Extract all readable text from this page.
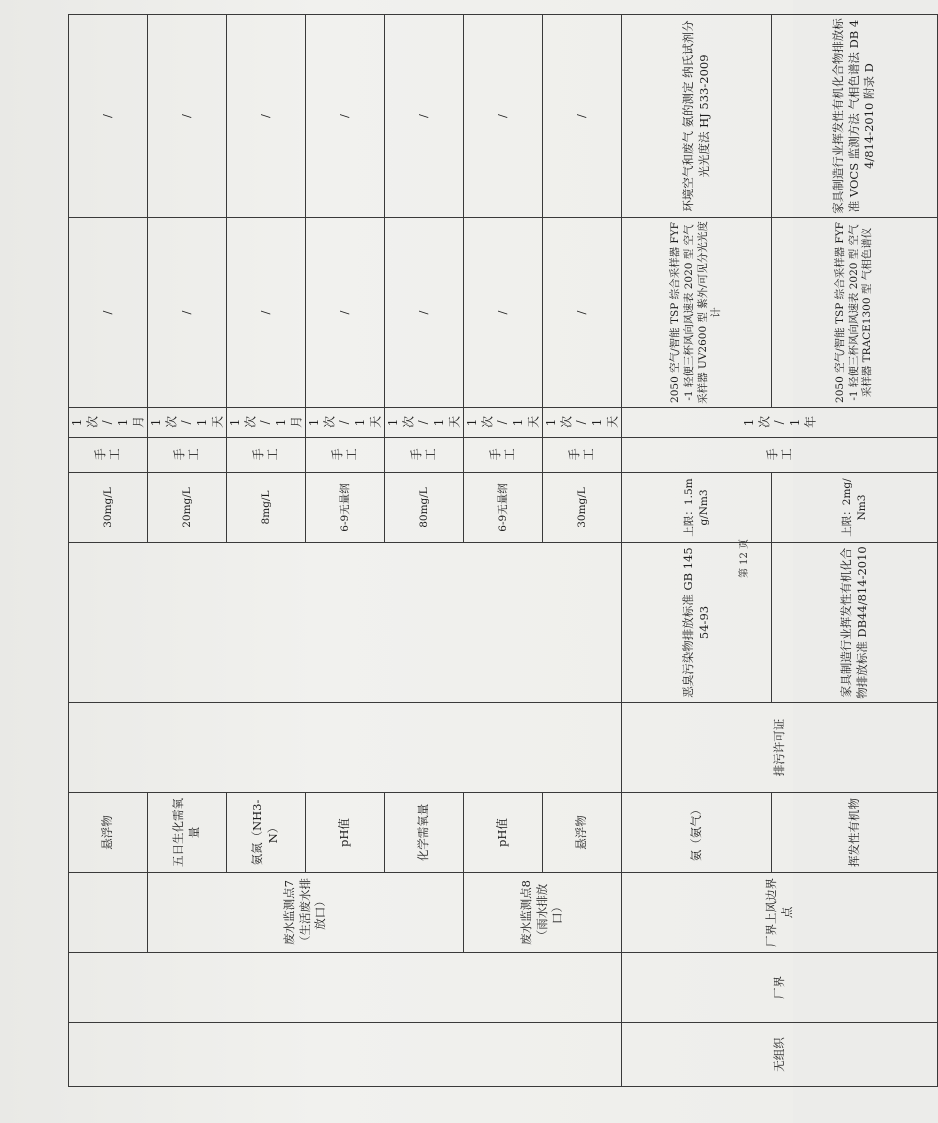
			悬浮物			30mg/L	手工	1次/1月	/	/
		废水监测点7（生活废水排放口）	五日生化需氧量			20mg/L	手工	1次/1天	/	/
			氨氮（NH3-N）			8mg/L	手工	1次/1月	/	/
			pH值			6-9无量纲	手工	1次/1天	/	/
			化学需氧量			80mg/L	手工	1次/1天	/	/
		废水监测点8（雨水排放口）	pH值			6-9无量纲	手工	1次/1天	/	/
			悬浮物			30mg/L	手工	1次/1天	/	/
无组织	厂界	厂界上风边界点	氨（氨气）	排污许可证	恶臭污染物排放标准 GB 14554-93	上限：1.5mg/Nm3	手工	1次/1年	2050 空气/智能 TSP 综合采样器 FYF-1 轻便三杯风向风速表 2020 型 空气采样器 UV2600 型 紫外/可见分光光度计	环境空气和废气 氨的测定 纳氏试剂分光光度法 HJ 533-2009
			挥发性有机物		家具制造行业挥发性有机化合物排放标准 DB44/814-2010	上限：2mg/Nm3			2050 空气/智能 TSP 综合采样器 FYF-1 轻便三杯风向风速表 2020 型 空气采样器 TRACE1300 型 气相色谱仪	家具制造行业挥发性有机化合物排放标准 VOCS 监测方法 气相色谱法 DB 44/814-2010 附录 D
第 12 页
